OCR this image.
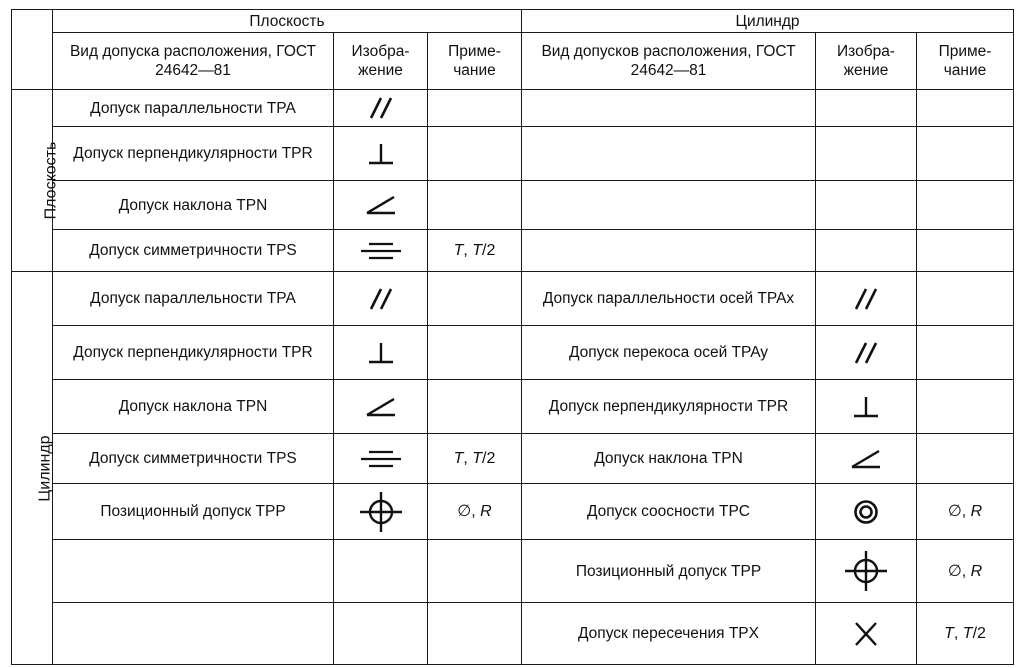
	Плоскость			Цилиндр		
	Вид допуска расположения, ГОСТ 24642—81	Изобра-жение	Приме-чание	Вид допусков расположения, ГОСТ 24642—81	Изобра-жение	Приме-чание
Плоскость	Допуск параллельности TPA	

	Допуск перпендикулярности TPR	

	Допуск наклона TPN	

	Допуск симметричности TPS		T, T/2			
Цилиндр	Допуск параллельности TPA			Допуск параллельности осей TPAx	

	Допуск перпендикулярности TPR			Допуск перекоса осей TPAy	

	Допуск наклона TPN			Допуск перпендикулярности TPR	

	Допуск симметричности TPS		T, T/2	Допуск наклона TPN	

	Позиционный допуск TPP		∅, R	Допуск соосности TPC		∅, R
				Позиционный допуск TPP		∅, R
				Допуск пересечения TPX		T, T/2
